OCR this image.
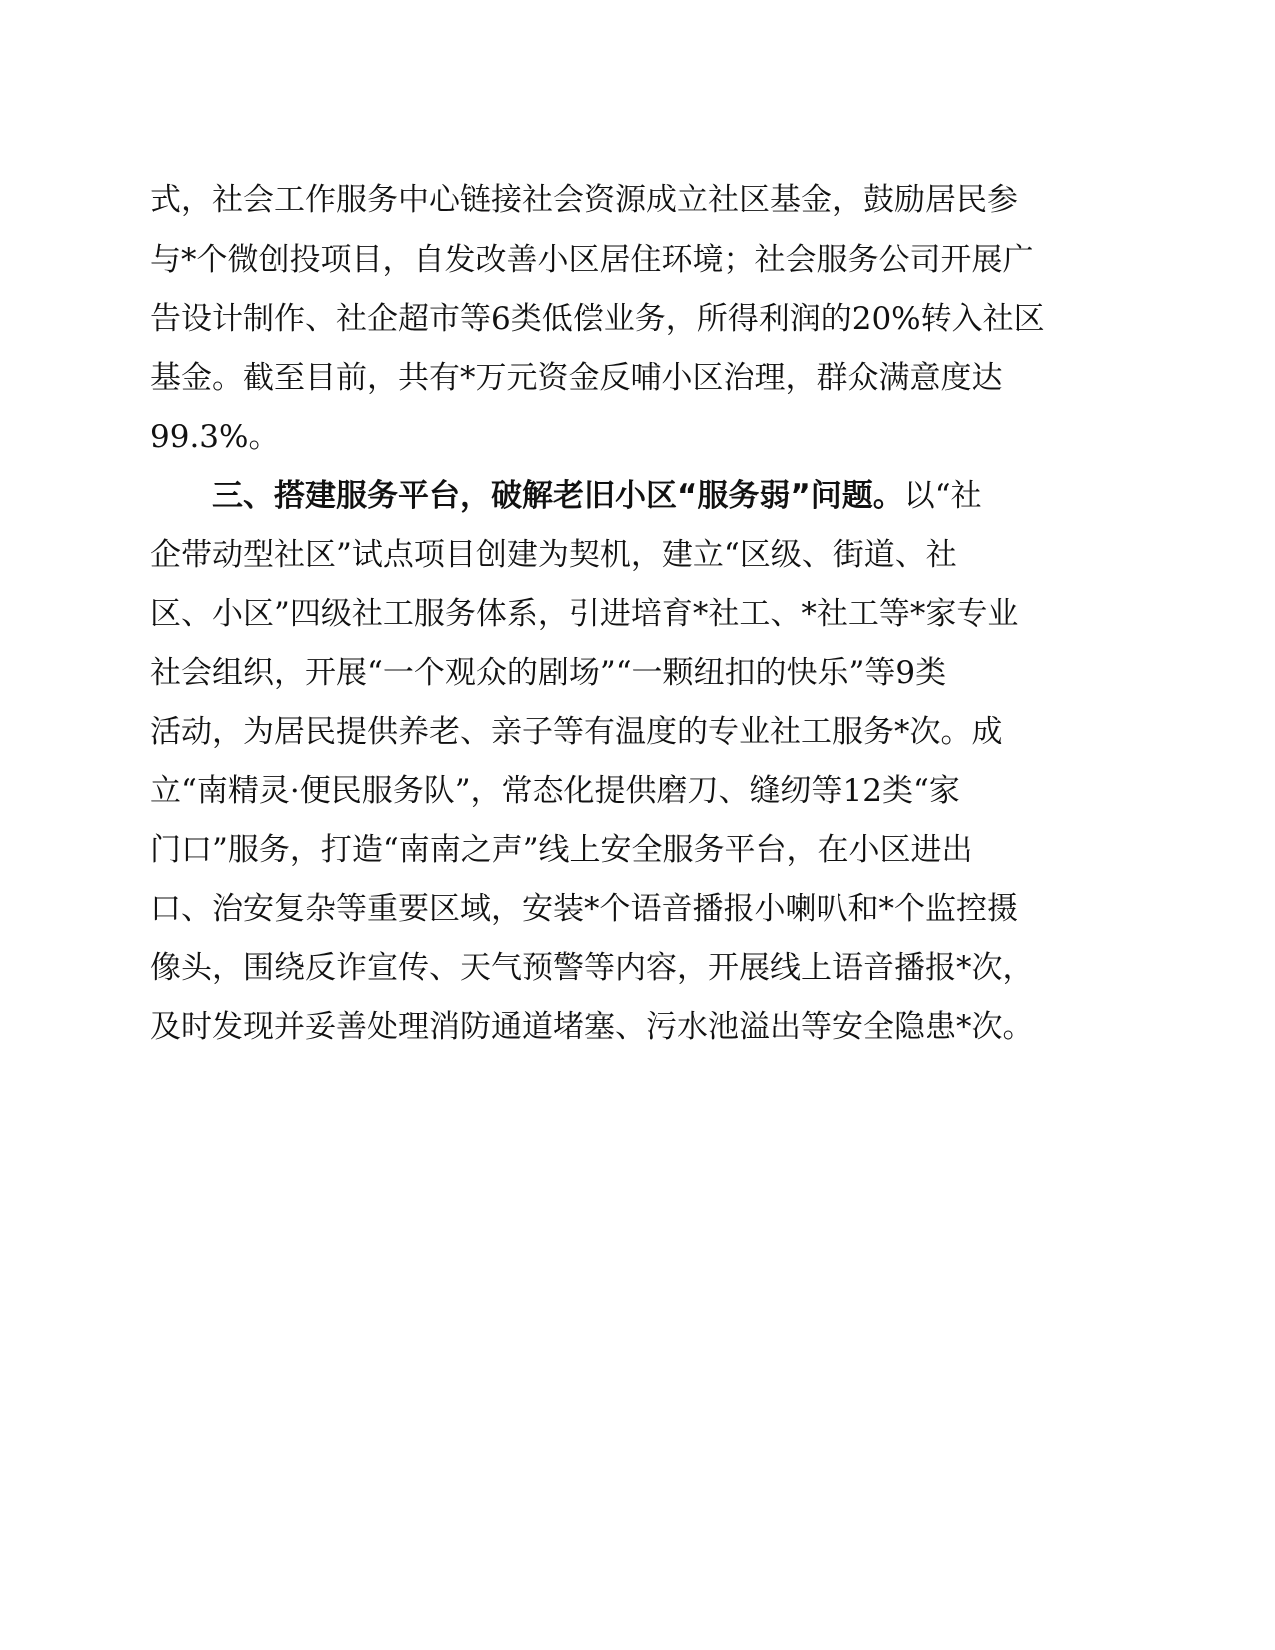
式，社会工作服务中心链接社会资源成立社区基金，鼓励居民参
与*个微创投项目，自发改善小区居住环境；社会服务公司开展广
告设计制作、社企超市等6类低偿业务，所得利润的20%转入社区
基金。截至目前，共有*万元资金反哺小区治理，群众满意度达
99.3%。
三、搭建服务平台，破解老旧小区“服务弱”问题。以“社
企带动型社区”试点项目创建为契机，建立“区级、街道、社
区、小区”四级社工服务体系，引进培育*社工、*社工等*家专业
社会组织，开展“一个观众的剧场”“一颗纽扣的快乐”等9类
活动，为居民提供养老、亲子等有温度的专业社工服务*次。成
立“南精灵·便民服务队”，常态化提供磨刀、缝纫等12类“家
门口”服务，打造“南南之声”线上安全服务平台，在小区进出
口、治安复杂等重要区域，安装*个语音播报小喇叭和*个监控摄
像头，围绕反诈宣传、天气预警等内容，开展线上语音播报*次，
及时发现并妥善处理消防通道堵塞、污水池溢出等安全隐患*次。
